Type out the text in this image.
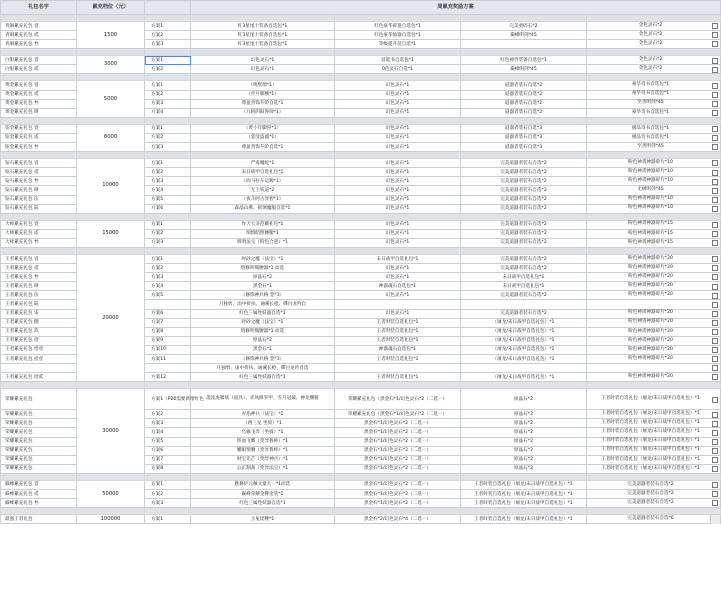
礼包名字	累充档位（元）		周累充奖励方案			

青铜累充礼包 壹	1500	方案1	红3星尾士装备自选包*1	红色豪华碎遗自选包*1	完美重碎石*2	金色灵石*2

青铜累充礼包 贰		方案2	红3星尾士装备自选包*1	红色豪华仙器自选包*1	巅峰明剑*45	金色灵石*2

青铜累充礼包 叁		方案3	红3星尾士装备自选包*1	等级提升苗自选*1		金色灵石*2

白银累充礼包 壹	3000	方案1	幻色灵石*1	技能书自选包*1	红色神兽装备自选包*1	金色灵石*2

白银累充礼包 贰		方案2	幻色灵石*1	0色灵石自选*1	巅峰明剑*45	金色灵石*2

黄金累充礼包 壹	5000	方案1	（鸣壁瑞*1）	幻色灵石*1	道器者装石自选*2	豪华奇书自选包*1

黄金累充礼包 贰		方案2	（步月肺腰*1）	幻色灵石*1	道器者装石自选*2	豪华奇书自选包*1

黄金累充礼包 叁		方案3	尊盈善饰升阶自选*1	幻色灵石*1	道器者装石自选*2	至善明剑*45

黄金累充礼包 肆		方案4	（九转阴阳鲁师*1）	幻色灵石*1	道器者装石自选*2	豪华奇书自选包*1

铂金累充礼包 壹	8000	方案1	（黄小年脚窑*1）	幻色灵石*1	道器者装石自选*3	极品奇书自选包*1

铂金累充礼包 贰		方案2	（恶受盗器*1）	幻色灵石*1	道器者装石自选*3	极品奇书自选包*1

铂金累充礼包 叁		方案3	尊盈善饰升阶自选*1	幻色灵石*1	道器者装石自选*3	至善明剑*45

钻石累充礼包 壹	10000	方案1	严毒魔蛇*1	幻色灵石*1	完美道器者装石自选*2	粉色神霄神器碎片*10

钻石累充礼包 贰		方案2	末日战甲自选礼包*1	幻色灵石*1	完美道器者装石自选*2	粉色神霄神器碎片*10

钻石累充礼包 叁		方案3	（而马拉车运嗨*1）	幻色灵石*1	完美道器者装石自选*2	粉色神霄神器碎片*10

钻石累充礼包 肆		方案4	无上妖道*2	幻色灵石*1	完美道器者装石自选*2	无极明剑*45

钻石累充礼包 伍		方案5	（夜斗阿古异智*1）	幻色灵石*1	完美道器者装石自选*2	粉色神霄神器碎片*10

钻石累充礼包 陆		方案6	森晶山拂、摇璃魔服自选*1	幻色灵石*1	完美道器者装石自选*2	粉色神霄神器碎片*10

大师累充礼包 壹	15000	方案1	作天大圣范耀礼包*1	幻色灵石*1	完美道器者装石自选*2	粉色神霄神器碎片*15

大师累充礼包 贰		方案2	瑞慎昭照腰腿*1	幻色灵石*1	完美道器者装石自选*2	粉色神霄神器碎片*15

大师累充礼包 叁		方案3	明明法宝（粉色合意）*1	幻色灵石*1	完美道器者装石自选*2	粉色神霄神器碎片*15

王者累充礼包 壹	20000	方案1	时砂之魔（法宝）*1	末日战甲自选礼包*1	完美道器者装石自选*2	粉色神霄神器碎片*20

王者累充礼包 贰		方案2	熔修明熊腰器*1 而选	幻色灵石*1	完美道器者装石自选*2	粉色神霄神器碎片*20

王者累充礼包 叁		方案3	原晶石*2	幻色灵石*1	末日战甲自选礼包*1	粉色神霄神器碎片*20

王者累充礼包 肆		方案4	黑金石*1	神器魂石自选包*1	末日战甲自选礼包*1	粉色神霄神器碎片*20

王者累充礼包 伍		方案5	（修炼神兵格 金*1）	幻色灵石*1	完美道器者装石自选*2	粉色神霄神器碎片*20

王者累充礼包 陆			月独剪、雨中折扶、通溪长枪、碟目龙吟自			

王者累充礼包 柒		方案6	红色三属性妖器自选*1	幻色灵石*1	完美道器者装石自选*2	粉色神霄神器碎片*20

王者累充礼包 捌		方案7	时砂之魔（法宝）*1	王者时装自选礼包*1	（屠龙/末日战甲自选礼包）*1	粉色神霄神器碎片*20

王者累充礼包 玖		方案8	熔修明熊腰器*1 而选	王者时装自选礼包*1	（屠龙/末日战甲自选礼包）*1	粉色神霄神器碎片*20

王者累充礼包 拾		方案9	原晶石*2	王者时装自选礼包*1	（屠龙/末日战甲自选礼包）*1	粉色神霄神器碎片*20

王者累充礼包 拾壹		方案10	黑金石*1	神器魂石自选包*1	（屠龙/末日战甲自选礼包）*1	粉色神霄神器碎片*20

王者累充礼包 拾壹		方案11	（修炼神兵格 金*1）	王者时装自选礼包*1	（屠龙/末日战甲自选礼包）*1	粉色神霄神器碎片*20

			月独剪、雨中折扶、通溪长枪、碟目龙吟自选			

王者累充礼包 拾贰		方案12	红色三属性妖器自选*1	王者时装自选礼包*1	（屠龙/末日战甲自选礼包）*1	粉色神霄神器碎片*20

荣耀累充礼包	30000	方案1（P20需要新增红色	混沌虎啸妖（道具）、赤风修罗甲、雪月冠披、神龙腰履	荣耀累充礼包（黑金石*1/幻色灵石*2（二选一）	原晶石*2	王者时装自选礼包（屠龙/末日战甲自选礼包）*1

荣耀累充礼包		方案2	赤焰神兵（法宝）*1	荣耀累充礼包（黑金石*1/幻色灵石*2（二选一）	原晶石*2	王者时装自选礼包（屠龙/末日战甲自选礼包）*1

荣耀累充礼包		方案3	（两三龙 坐骑）*1	黑金石*1/幻色灵石*2（二选一）	原晶石*2	王者时装自选礼包（屠龙/末日战甲自选礼包）*1

荣耀累充礼包		方案4	乌骓飞奔（坐骑）*1	黑金石*1/幻色灵石*2（二选一）	原晶石*2	王者时装自选礼包（屠龙/末日战甲自选礼包）*1

荣耀累充礼包		方案5	铁血飞鹰（变异鲁师）*1	黑金石*1/幻色灵石*2（二选一）	原晶石*2	王者时装自选礼包（屠龙/末日战甲自选礼包）*1

荣耀累充礼包		方案6	睡眼瑞腰（变异鲁师）*1	黑金石*1/幻色灵石*2（二选一）	原晶石*2	王者时装自选礼包（屠龙/末日战甲自选礼包）*1

荣耀累充礼包		方案7	财宝光芒（变异神兵）*1	黑金石*1/幻色灵石*2（二选一）	原晶石*2	王者时装自选礼包（屠龙/末日战甲自选礼包）*1

荣耀累充礼包		方案8	公正制裁（变异法宝）*1	黑金石*1/幻色灵石*2（二选一）	原晶石*2	王者时装自选礼包（屠龙/末日战甲自选礼包）*1

巅峰累充礼包 壹	50000	方案1	跌修炉元佩文童大一*1而选	黑金石*1/幻色灵石*2（二选一）	王者时装自选礼包（屠龙/末日战甲自选礼包）*1	完美道器者装石自选*2

巅峰累充礼包 贰		方案2	巅峰荣耀金牌金装*1	黑金石*1/幻色灵石*2（二选一）	王者时装自选礼包（屠龙/末日战甲自选礼包）*1	完美道器者装石自选*2

巅峰累充礼包 叁		方案3	红色三属性妖器自选*1	黑金石*1/幻色灵石*2（二选一）	王者时装自选礼包（屠龙/末日战甲自选礼包）*1	完美道器者装石自选*2

最强王者礼包	100000	方案1	玉兔瑶腰*1	黑金石*2/幻色灵石*4（二选一）	王者时装自选礼包（屠龙/末日战甲自选礼包）*1	完美道器者装石自选*6
